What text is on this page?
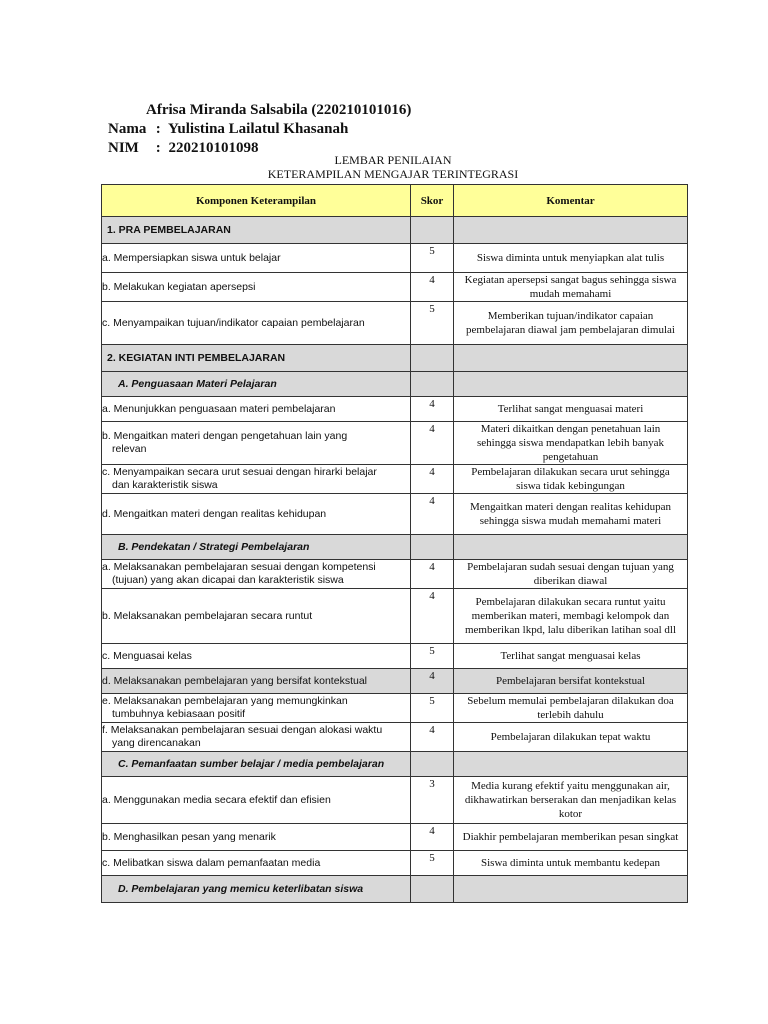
Afrisa Miranda Salsabila (220210101016)
Nama : Yulistina Lailatul Khasanah
NIM : 220210101098
LEMBAR PENILAIAN
KETERAMPILAN MENGAJAR TERINTEGRASI
Komponen Keterampilan	Skor	Komentar
1. PRA PEMBELAJARAN		
a. Mempersiapkan siswa untuk belajar	5	Siswa diminta untuk menyiapkan alat tulis
b. Melakukan kegiatan apersepsi	4	Kegiatan apersepsi sangat bagus sehingga siswa mudah memahami
c. Menyampaikan tujuan/indikator capaian pembelajaran	5	Memberikan tujuan/indikator capaian pembelajaran diawal jam pembelajaran dimulai
2. KEGIATAN INTI PEMBELAJARAN		
A. Penguasaan Materi Pelajaran		
a. Menunjukkan penguasaan materi pembelajaran	4	Terlihat sangat menguasai materi
b. Mengaitkan materi dengan pengetahuan lain yang
relevan	4	Materi dikaitkan dengan penetahuan lain sehingga siswa mendapatkan lebih banyak pengetahuan
c. Menyampaikan secara urut sesuai dengan hirarki belajar
dan karakteristik siswa	4	Pembelajaran dilakukan secara urut sehingga siswa tidak kebingungan
d. Mengaitkan materi dengan realitas kehidupan	4	Mengaitkan materi dengan realitas kehidupan sehingga siswa mudah memahami materi
B. Pendekatan / Strategi Pembelajaran		
a. Melaksanakan pembelajaran sesuai dengan kompetensi
(tujuan) yang akan dicapai dan karakteristik siswa	4	Pembelajaran sudah sesuai dengan tujuan yang diberikan diawal
b. Melaksanakan pembelajaran secara runtut	4	Pembelajaran dilakukan secara runtut yaitu memberikan materi, membagi kelompok dan memberikan lkpd, lalu diberikan latihan soal dll
c. Menguasai kelas	5	Terlihat sangat menguasai kelas
d. Melaksanakan pembelajaran yang bersifat kontekstual	4	Pembelajaran bersifat kontekstual
e. Melaksanakan pembelajaran yang memungkinkan
tumbuhnya kebiasaan positif	5	Sebelum memulai pembelajaran dilakukan doa terlebih dahulu
f. Melaksanakan pembelajaran sesuai dengan alokasi waktu
yang direncanakan	4	Pembelajaran dilakukan tepat waktu
C. Pemanfaatan sumber belajar / media pembelajaran		
a. Menggunakan media secara efektif dan efisien	3	Media kurang efektif yaitu menggunakan air, dikhawatirkan berserakan dan menjadikan kelas kotor
b. Menghasilkan pesan yang menarik	4	Diakhir pembelajaran memberikan pesan singkat
c. Melibatkan siswa dalam pemanfaatan media	5	Siswa diminta untuk membantu kedepan
D. Pembelajaran yang memicu keterlibatan siswa		
